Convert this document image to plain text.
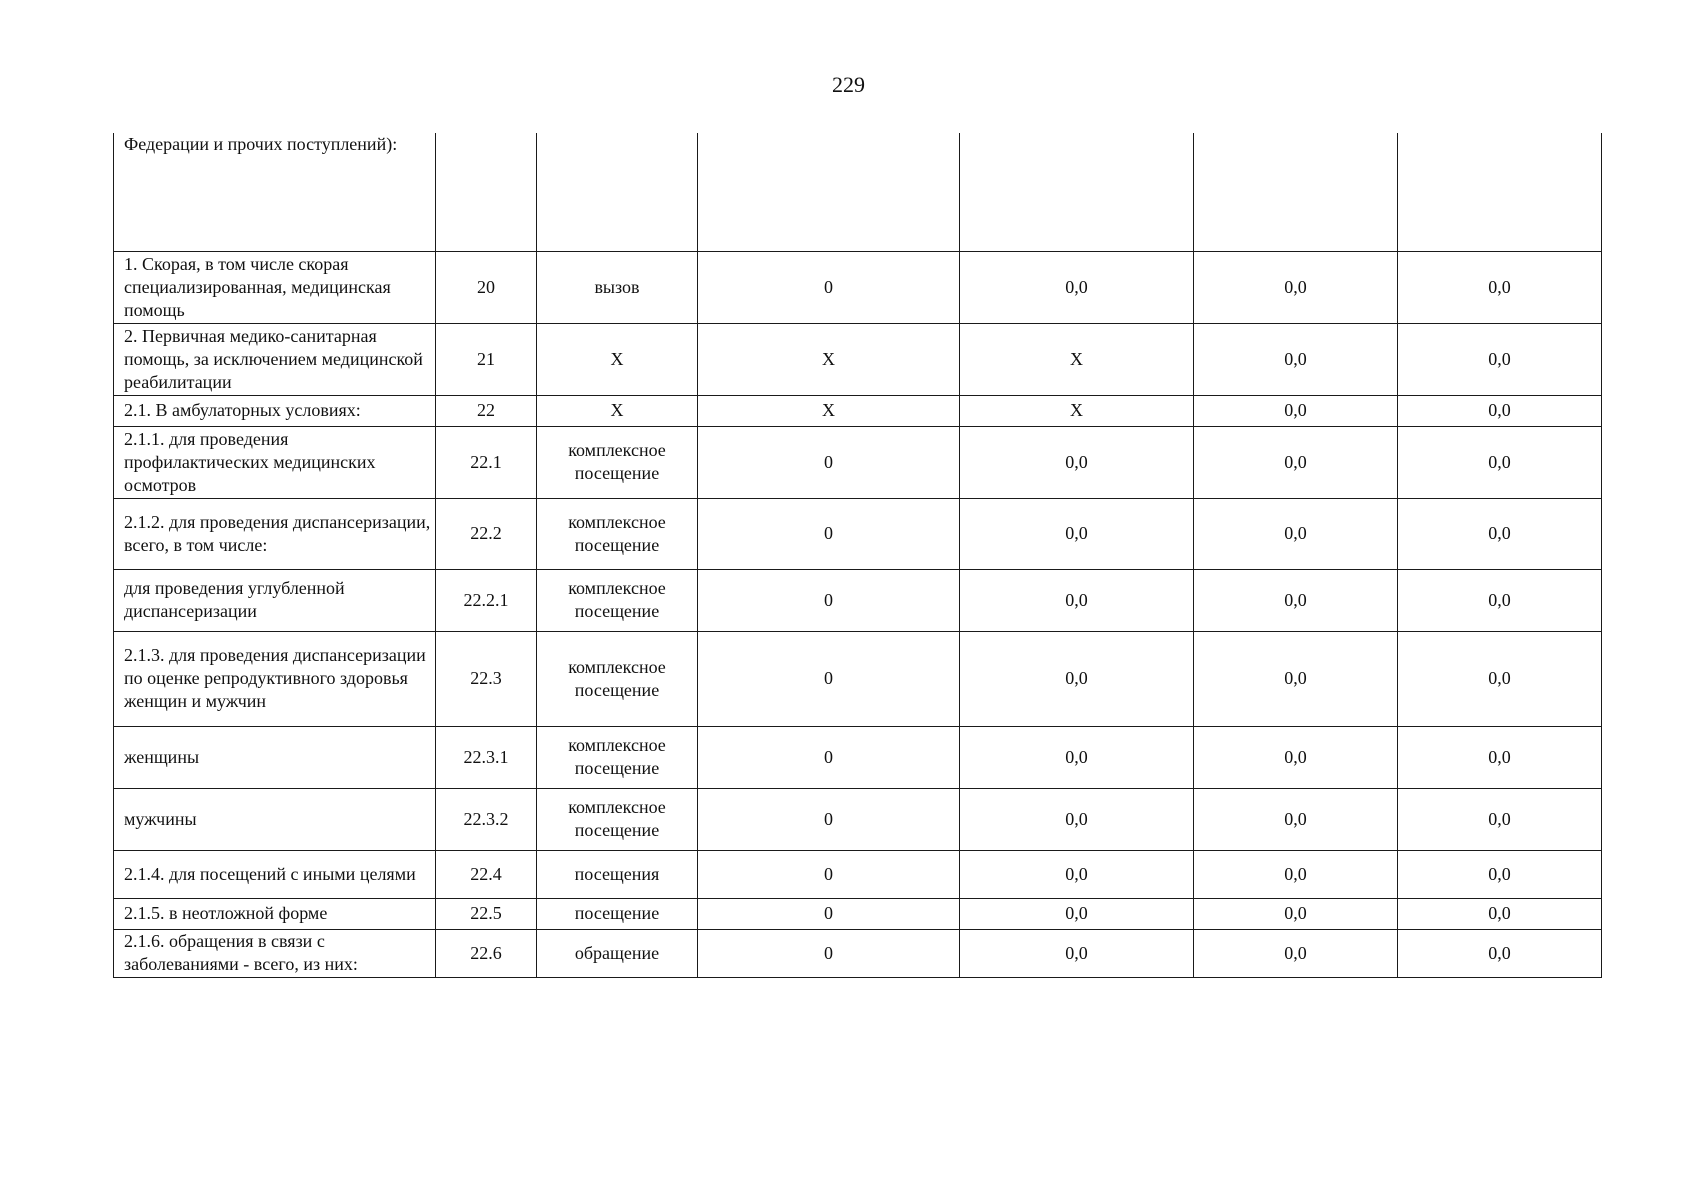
229
Федерации и прочих поступлений):						
1. Скорая, в том числе скорая специализированная, медицинская помощь	20	вызов	0	0,0	0,0	0,0
2. Первичная медико-санитарная помощь, за исключением медицинской реабилитации	21	Х	Х	Х	0,0	0,0
2.1. В амбулаторных условиях:	22	Х	Х	Х	0,0	0,0
2.1.1. для проведения профилактических медицинских осмотров	22.1	комплексное посещение	0	0,0	0,0	0,0
2.1.2. для проведения диспансеризации, всего, в том числе:	22.2	комплексное посещение	0	0,0	0,0	0,0
для проведения углубленной диспансеризации	22.2.1	комплексное посещение	0	0,0	0,0	0,0
2.1.3. для проведения диспансеризации по оценке репродуктивного здоровья женщин и мужчин	22.3	комплексное посещение	0	0,0	0,0	0,0
женщины	22.3.1	комплексное посещение	0	0,0	0,0	0,0
мужчины	22.3.2	комплексное посещение	0	0,0	0,0	0,0
2.1.4. для посещений с иными целями	22.4	посещения	0	0,0	0,0	0,0
2.1.5. в неотложной форме	22.5	посещение	0	0,0	0,0	0,0
2.1.6. обращения в связи с заболеваниями - всего, из них:	22.6	обращение	0	0,0	0,0	0,0
